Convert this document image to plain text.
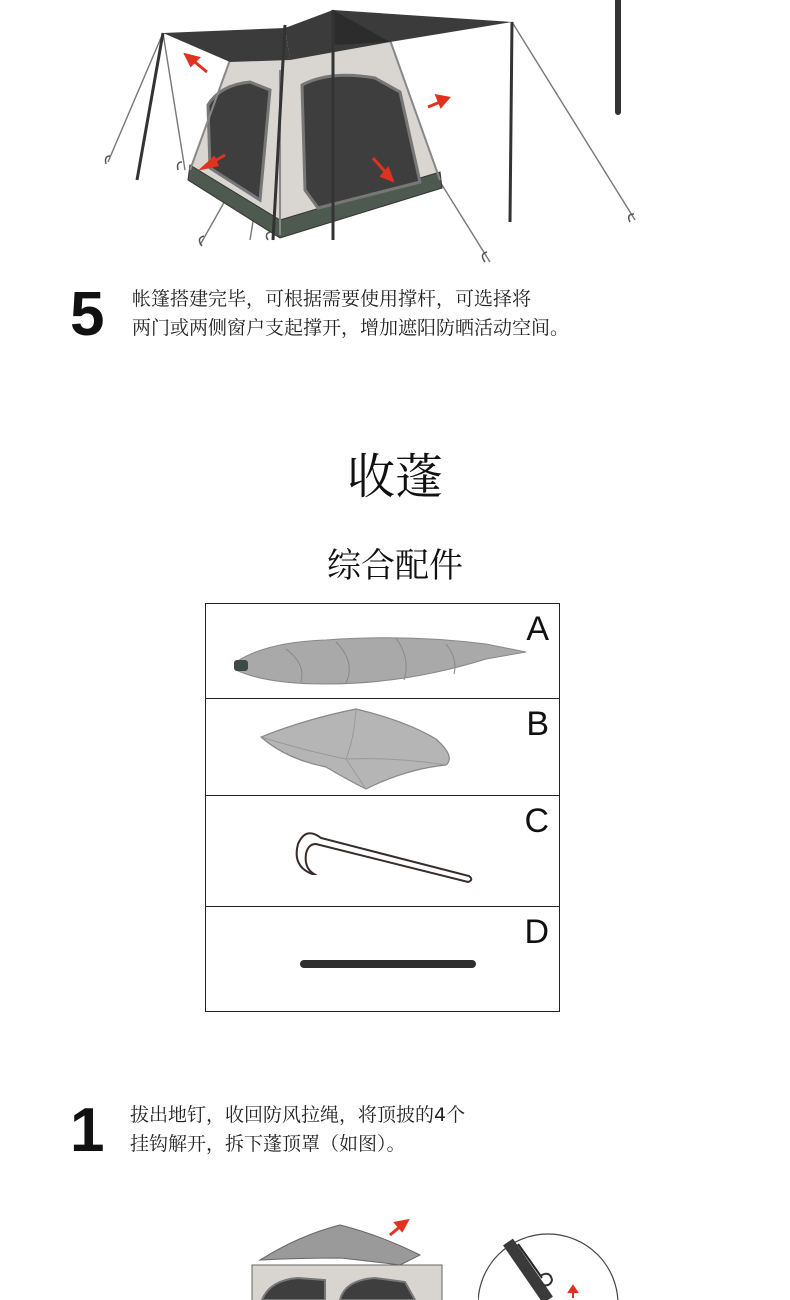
5 帐篷搭建完毕，可根据需要使用撑杆，可选择将
两门或两侧窗户支起撑开，增加遮阳防晒活动空间。
收蓬
综合配件
A
B
C
D
1 拔出地钉，收回防风拉绳，将顶披的4个
挂钩解开，拆下蓬顶罩（如图）。
